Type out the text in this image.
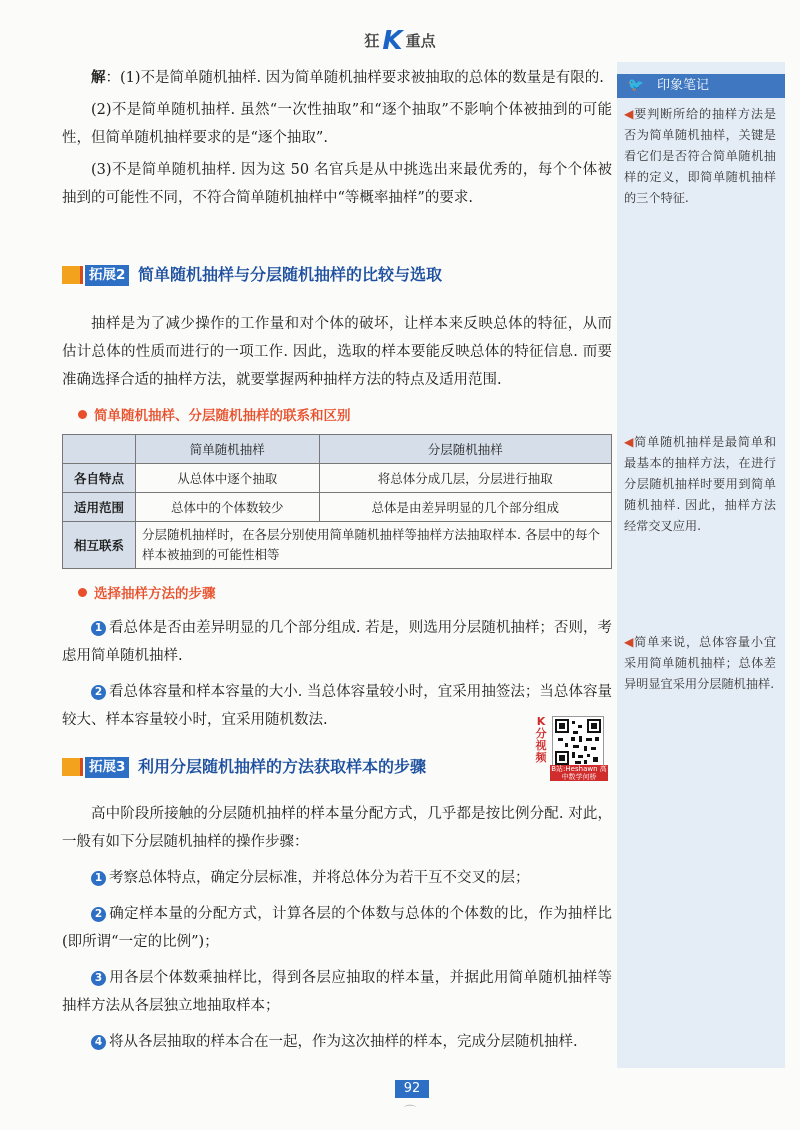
狂 K 重点
🐦 印象笔记
◀要判断所给的抽样方法是否为简单随机抽样，关键是看它们是否符合简单随机抽样的定义，即简单随机抽样的三个特征.
◀简单随机抽样是最简单和最基本的抽样方法，在进行分层随机抽样时要用到简单随机抽样. 因此，抽样方法经常交叉应用.
◀简单来说，总体容量小宜采用简单随机抽样；总体差异明显宜采用分层随机抽样.

解：(1)不是简单随机抽样. 因为简单随机抽样要求被抽取的总体的数量是有限的.

(2)不是简单随机抽样. 虽然“一次性抽取”和“逐个抽取”不影响个体被抽到的可能性，但简单随机抽样要求的是“逐个抽取”.

(3)不是简单随机抽样. 因为这 50 名官兵是从中挑选出来最优秀的，每个个体被抽到的可能性不同，不符合简单随机抽样中“等概率抽样”的要求.

拓展2 简单随机抽样与分层随机抽样的比较与选取

抽样是为了减少操作的工作量和对个体的破坏，让样本来反映总体的特征，从而估计总体的性质而进行的一项工作. 因此，选取的样本要能反映总体的特征信息. 而要准确选择合适的抽样方法，就要掌握两种抽样方法的特点及适用范围.

简单随机抽样、分层随机抽样的联系和区别
	简单随机抽样	分层随机抽样
各自特点	从总体中逐个抽取	将总体分成几层，分层进行抽取
适用范围	总体中的个体数较少	总体是由差异明显的几个部分组成
相互联系	分层随机抽样时，在各层分别使用简单随机抽样等抽样方法抽取样本. 各层中的每个样本被抽到的可能性相等	
选择抽样方法的步骤

1 看总体是否由差异明显的几个部分组成. 若是，则选用分层随机抽样；否则，考虑用简单随机抽样.

2 看总体容量和样本容量的大小. 当总体容量较小时，宜采用抽签法；当总体容量较大、样本容量较小时，宜采用随机数法.	K
分视频
B站:Heshawn 高中数学何桥
拓展3 利用分层随机抽样的方法获取样本的步骤

高中阶段所接触的分层随机抽样的样本量分配方式，几乎都是按比例分配. 对此，一般有如下分层随机抽样的操作步骤：

1 考察总体特点，确定分层标准，并将总体分为若干互不交叉的层；

2 确定样本量的分配方式，计算各层的个体数与总体的个体数的比，作为抽样比(即所谓“一定的比例”)；

3 用各层个体数乘抽样比，得到各层应抽取的样本量，并据此用简单随机抽样等抽样方法从各层独立地抽取样本；

4 将从各层抽取的样本合在一起，作为这次抽样的样本，完成分层随机抽样.

92
⌒
